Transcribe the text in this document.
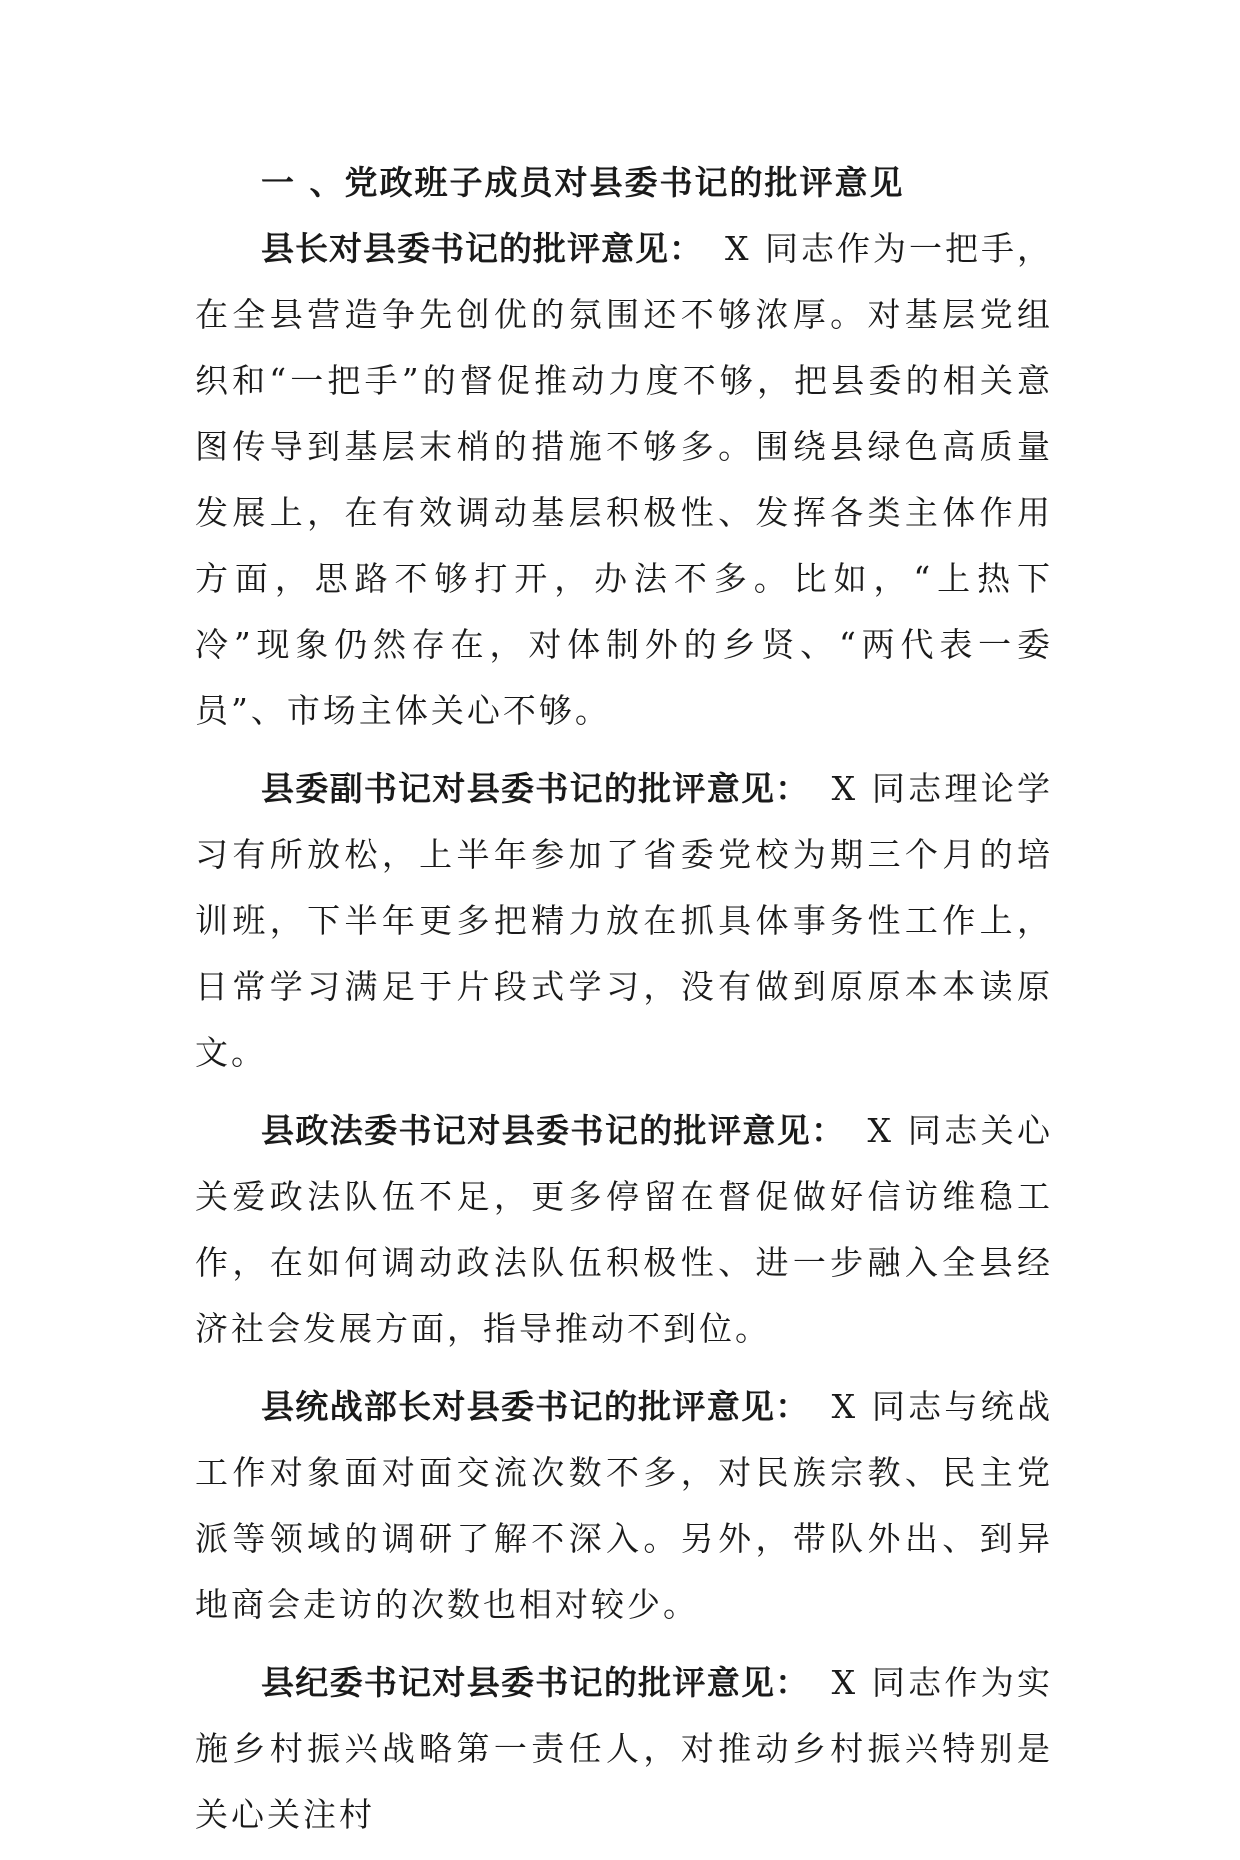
一 、党政班子成员对县委书记的批评意见

县长对县委书记的批评意见： X 同志作为一把手，在全县营造争先创优的氛围还不够浓厚。对基层党组织和“一把手”的督促推动力度不够，把县委的相关意图传导到基层末梢的措施不够多。围绕县绿色高质量发展上，在有效调动基层积极性、发挥各类主体作用方面，思路不够打开，办法不多。比如，“上热下冷”现象仍然存在，对体制外的乡贤、“两代表一委员”、市场主体关心不够。

县委副书记对县委书记的批评意见： X 同志理论学习有所放松，上半年参加了省委党校为期三个月的培训班，下半年更多把精力放在抓具体事务性工作上，日常学习满足于片段式学习，没有做到原原本本读原文。

县政法委书记对县委书记的批评意见： X 同志关心关爱政法队伍不足，更多停留在督促做好信访维稳工作，在如何调动政法队伍积极性、进一步融入全县经济社会发展方面，指导推动不到位。

县统战部长对县委书记的批评意见： X 同志与统战工作对象面对面交流次数不多，对民族宗教、民主党派等领域的调研了解不深入。另外，带队外出、到异地商会走访的次数也相对较少。

县纪委书记对县委书记的批评意见： X 同志作为实施乡村振兴战略第一责任人，对推动乡村振兴特别是关心关注村
